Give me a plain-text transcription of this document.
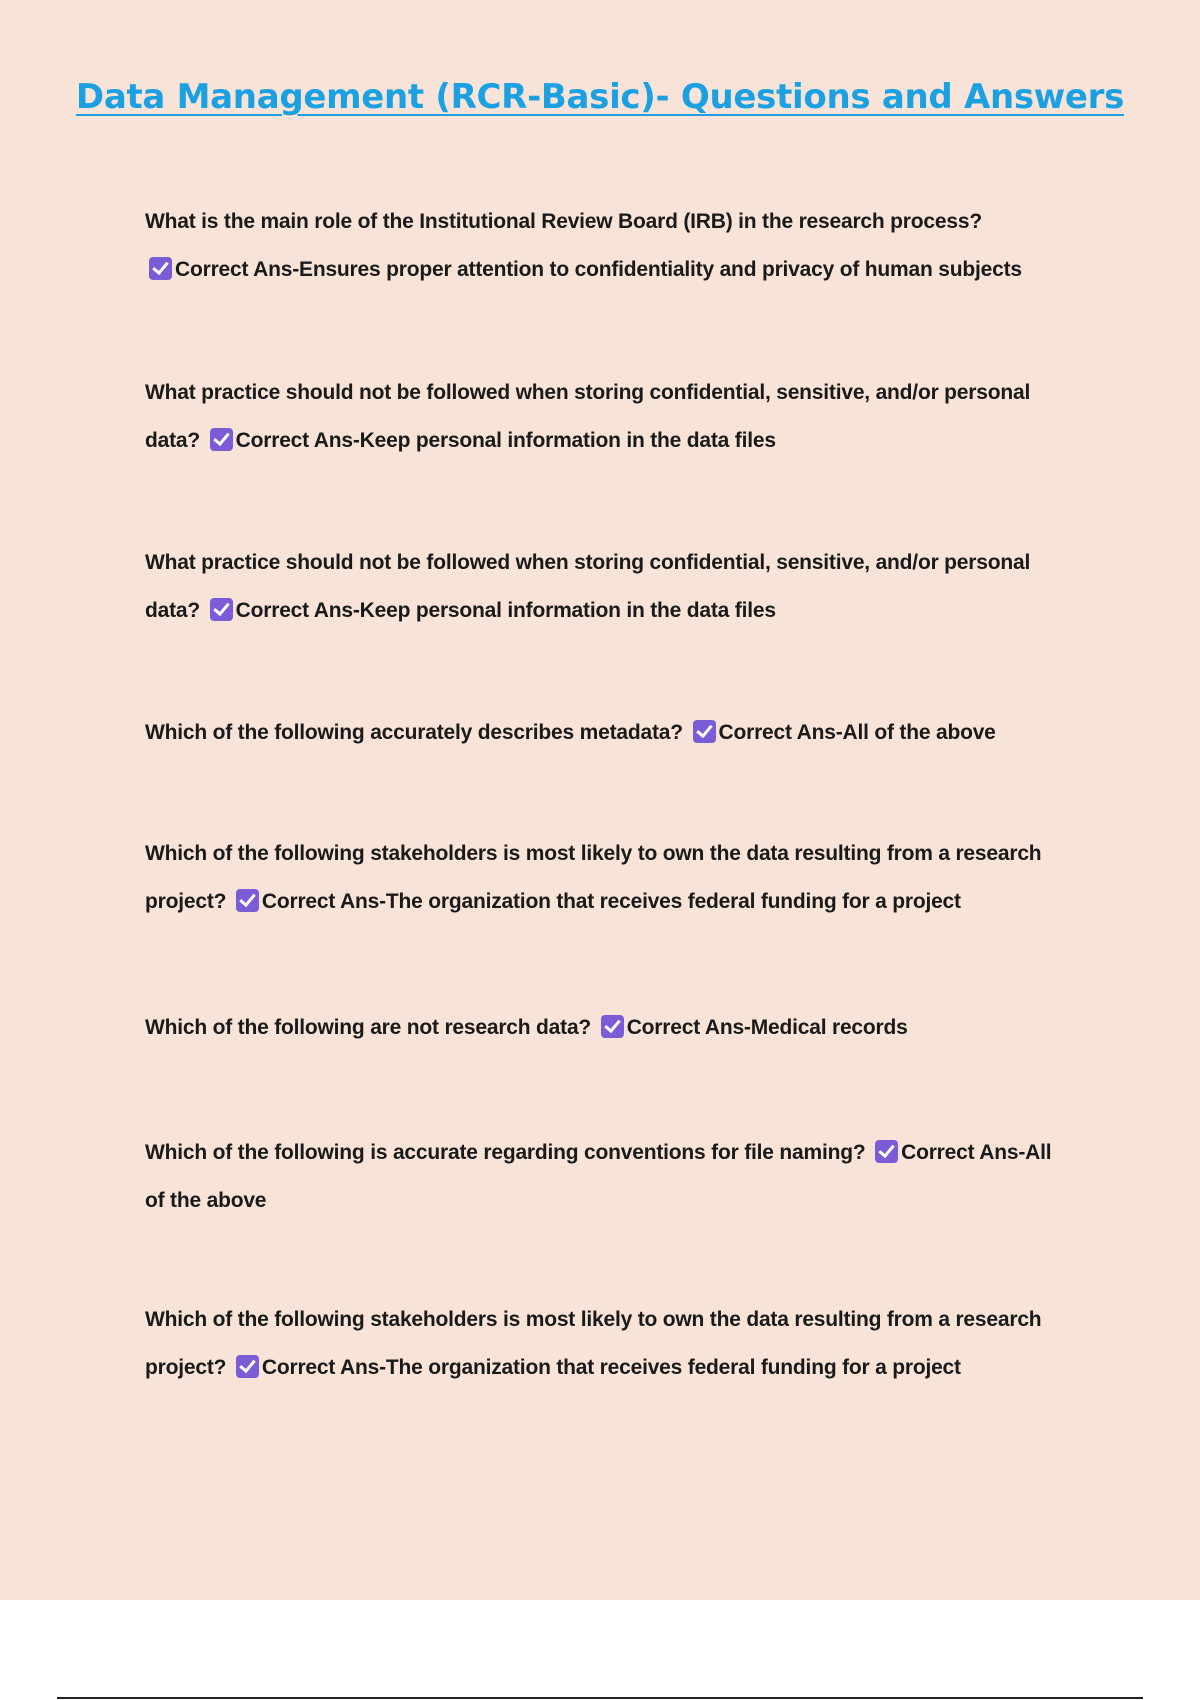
Data Management (RCR-Basic)- Questions and Answers
What is the main role of the Institutional Review Board (IRB) in the research process?
Correct Ans-Ensures proper attention to confidentiality and privacy of human subjects
What practice should not be followed when storing confidential, sensitive, and/or personal data? Correct Ans-Keep personal information in the data files
What practice should not be followed when storing confidential, sensitive, and/or personal data? Correct Ans-Keep personal information in the data files
Which of the following accurately describes metadata? Correct Ans-All of the above
Which of the following stakeholders is most likely to own the data resulting from a research project? Correct Ans-The organization that receives federal funding for a project
Which of the following are not research data? Correct Ans-Medical records
Which of the following is accurate regarding conventions for file naming? Correct Ans-All of the above
Which of the following stakeholders is most likely to own the data resulting from a research project? Correct Ans-The organization that receives federal funding for a project
